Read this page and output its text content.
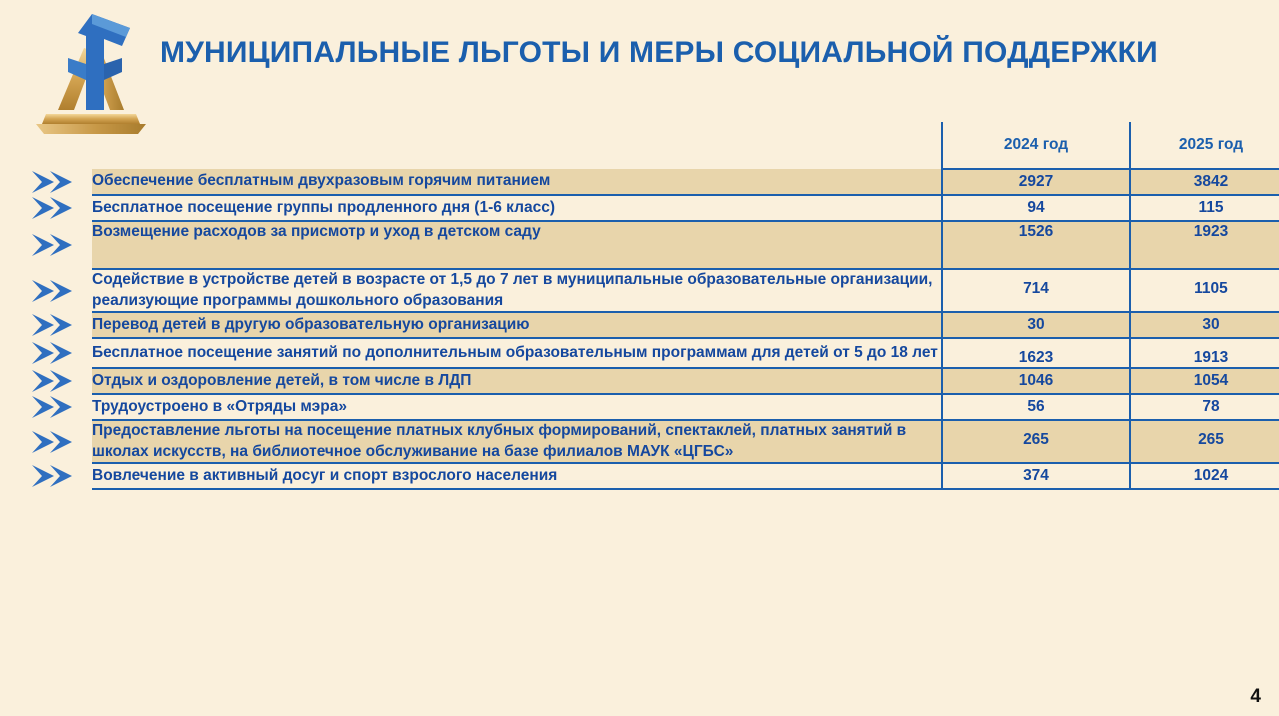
МУНИЦИПАЛЬНЫЕ ЛЬГОТЫ И МЕРЫ СОЦИАЛЬНОЙ ПОДДЕРЖКИ
		2024 год	2025 год

	Обеспечение бесплатным двухразовым горячим питанием	2927	3842

	Бесплатное посещение группы продленного дня (1-6 класс)	94	115

	Возмещение расходов за присмотр и уход в детском саду	1526	1923

	Содействие в устройстве детей в возрасте от 1,5 до 7 лет в муниципальные образовательные организации, реализующие программы дошкольного образования	714	1105

	Перевод детей в другую образовательную организацию	30	30

	Бесплатное посещение занятий по дополнительным образовательным программам для детей от 5 до 18 лет	1623	1913

	Отдых и оздоровление детей, в том числе в ЛДП	1046	1054

	Трудоустроено в «Отряды мэра»	56	78

	Предоставление льготы на посещение платных клубных формирований, спектаклей, платных занятий в школах искусств, на библиотечное обслуживание на базе филиалов МАУК «ЦГБС»	265	265

	Вовлечение в активный досуг и спорт взрослого населения	374	1024
4
